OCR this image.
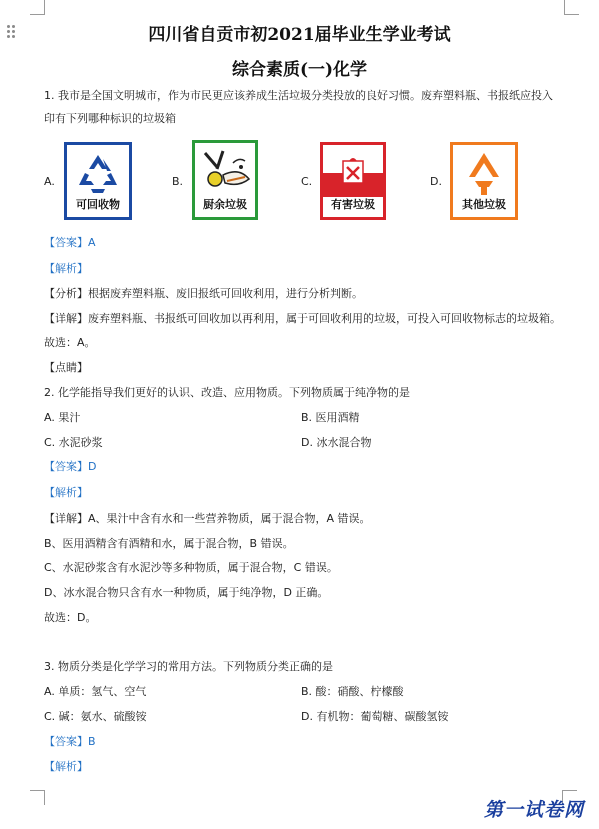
四川省自贡市初2021届毕业生学业考试
综合素质(一)化学
1. 我市是全国文明城市，作为市民更应该养成生活垃圾分类投放的良好习惯。废弃塑料瓶、书报纸应投入
印有下列哪种标识的垃圾箱
A.
可回收物
B.
厨余垃圾
C.
有害垃圾
D.
其他垃圾
【答案】A
【解析】
【分析】根据废弃塑料瓶、废旧报纸可回收利用，进行分析判断。
【详解】废弃塑料瓶、书报纸可回收加以再利用，属于可回收利用的垃圾，可投入可回收物标志的垃圾箱。
故选：A。
【点睛】
2. 化学能指导我们更好的认识、改造、应用物质。下列物质属于纯净物的是
A. 果汁	B. 医用酒精
C. 水泥砂浆	D. 冰水混合物
【答案】D
【解析】
【详解】A、果汁中含有水和一些营养物质，属于混合物，A 错误。
B、医用酒精含有酒精和水，属于混合物，B 错误。
C、水泥砂浆含有水泥沙等多种物质，属于混合物，C 错误。
D、冰水混合物只含有水一种物质，属于纯净物，D 正确。
故选：D。
3. 物质分类是化学学习的常用方法。下列物质分类正确的是
A. 单质：氢气、空气	B. 酸：硝酸、柠檬酸
C. 碱：氨水、硫酸铵	D. 有机物：葡萄糖、碳酸氢铵
【答案】B
【解析】
第一试卷网
